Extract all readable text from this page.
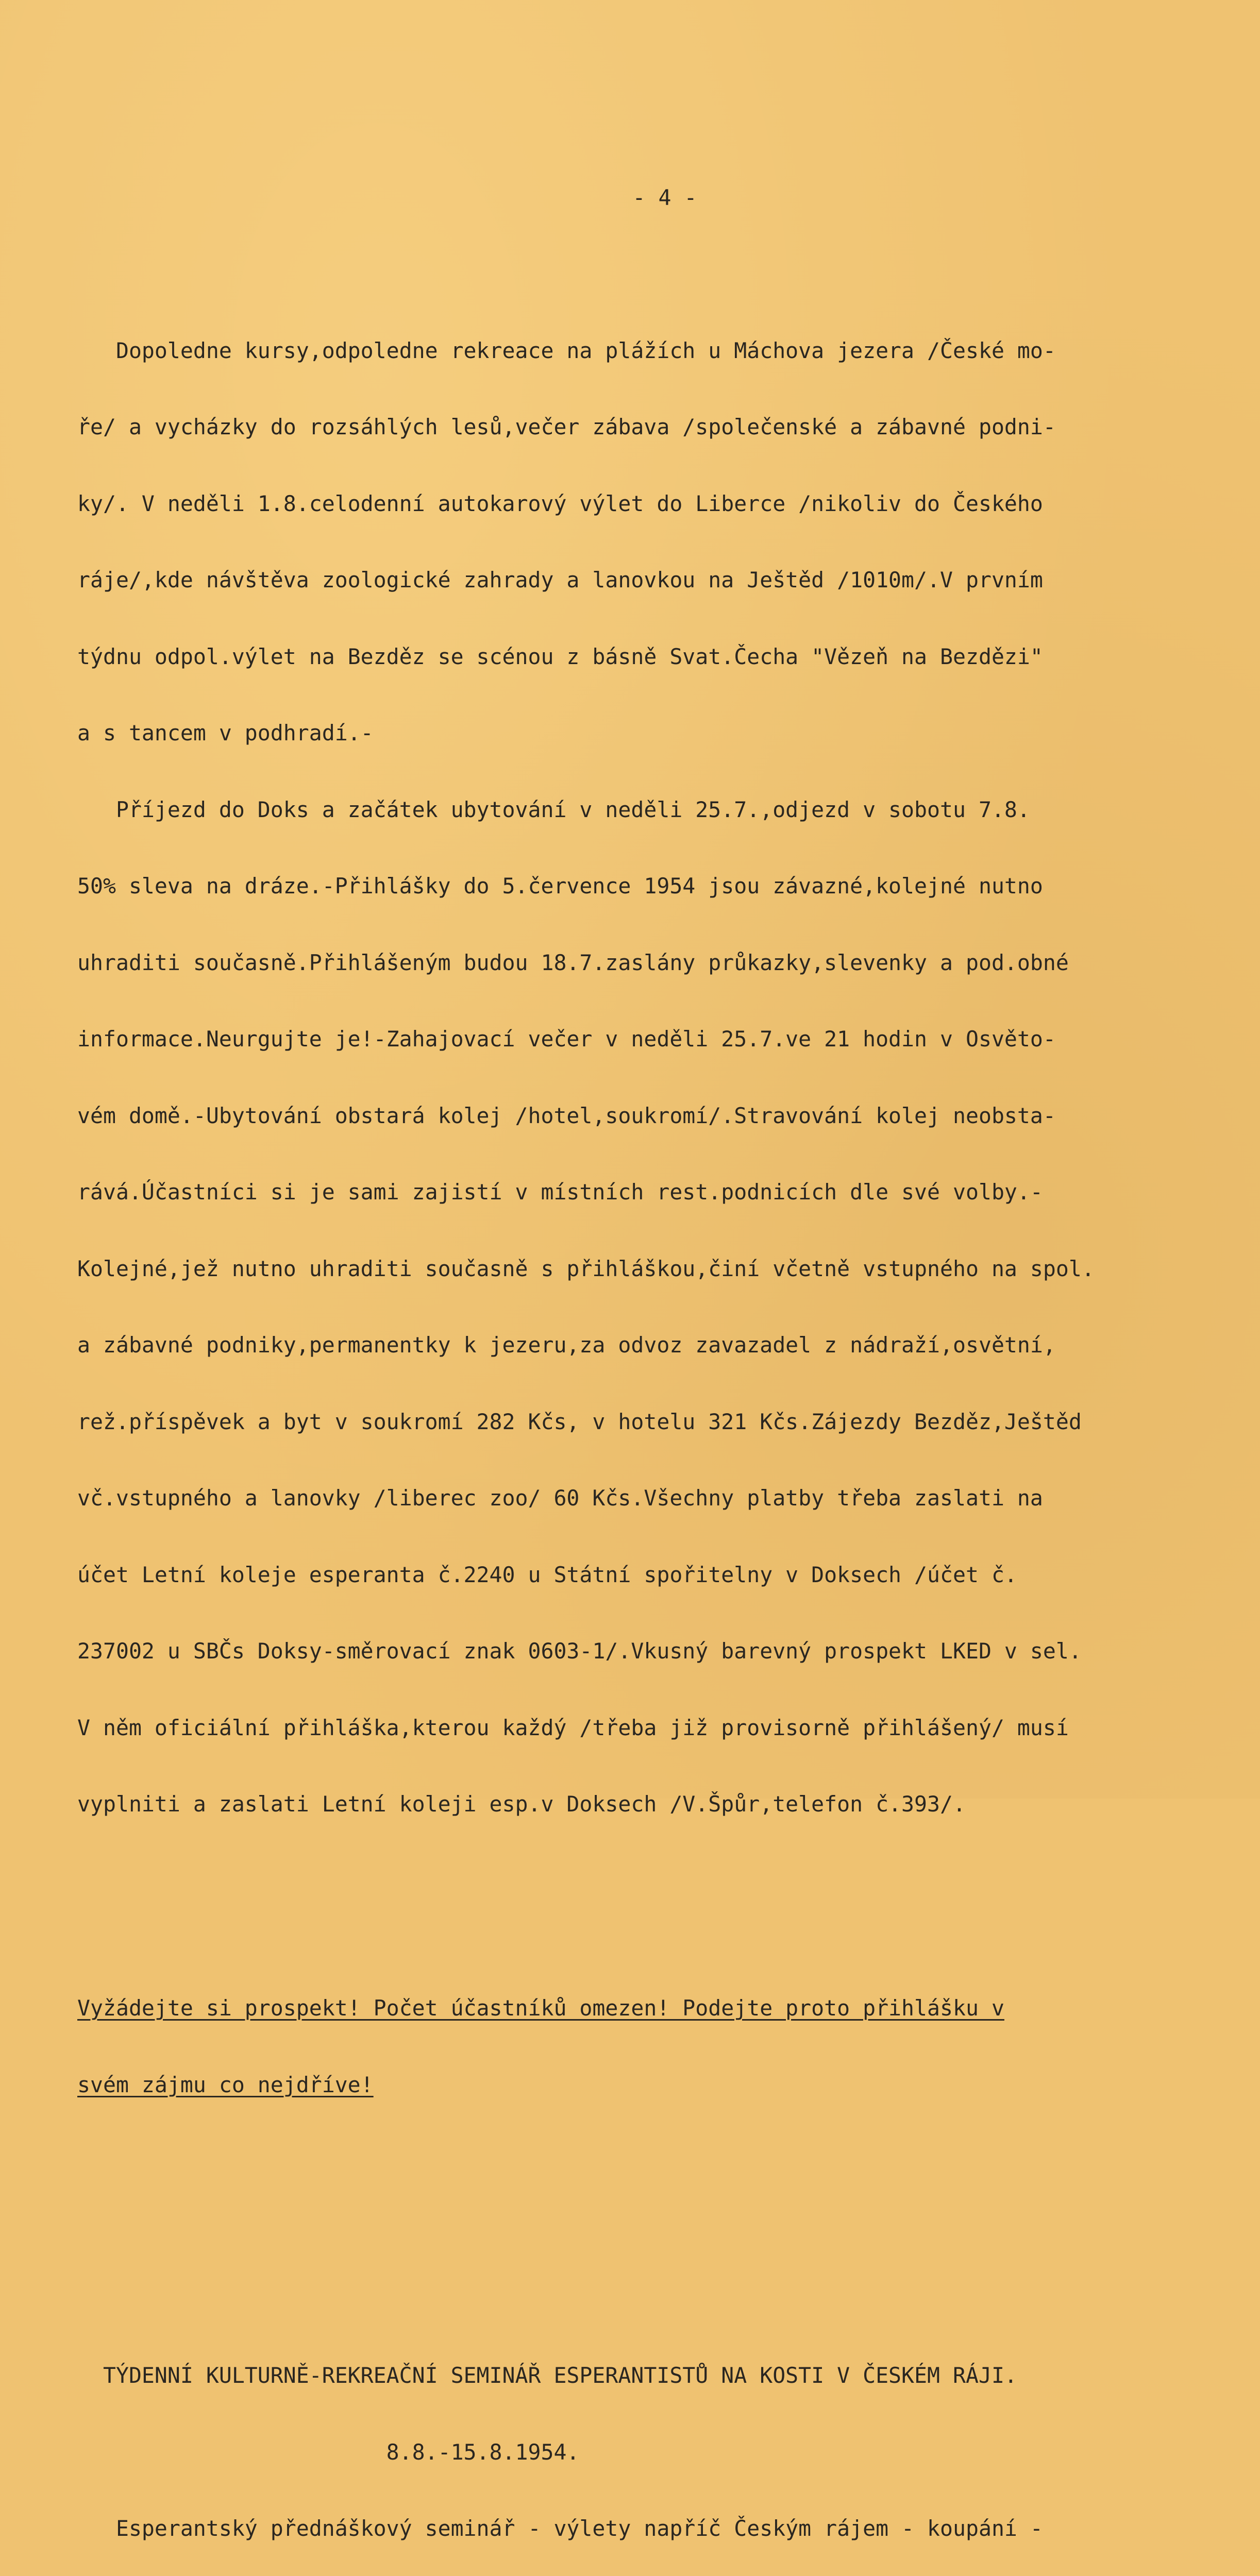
- 4 -

Dopoledne kursy,odpoledne rekreace na plážích u Máchova jezera /České mo-

ře/ a vycházky do rozsáhlých lesů,večer zábava /společenské a zábavné podni-

ky/. V neděli 1.8.celodenní autokarový výlet do Liberce /nikoliv do Českého

ráje/,kde návštěva zoologické zahrady a lanovkou na Ještěd /1010m/.V prvním

týdnu odpol.výlet na Bezděz se scénou z básně Svat.Čecha "Vězeň na Bezdězi"

a s tancem v podhradí.-

Příjezd do Doks a začátek ubytování v neděli 25.7.,odjezd v sobotu 7.8.

50% sleva na dráze.-Přihlášky do 5.července 1954 jsou závazné,kolejné nutno

uhraditi současně.Přihlášeným budou 18.7.zaslány průkazky,slevenky a pod.obné

informace.Neurgujte je!-Zahajovací večer v neděli 25.7.ve 21 hodin v Osvěto-

vém domě.-Ubytování obstará kolej /hotel,soukromí/.Stravování kolej neobsta-

rává.Účastníci si je sami zajistí v místních rest.podnicích dle své volby.-

Kolejné,jež nutno uhraditi současně s přihláškou,činí včetně vstupného na spol.

a zábavné podniky,permanentky k jezeru,za odvoz zavazadel z nádraží,osvětní,

rež.příspěvek a byt v soukromí 282 Kčs, v hotelu 321 Kčs.Zájezdy Bezděz,Ještěd

vč.vstupného a lanovky /liberec zoo/ 60 Kčs.Všechny platby třeba zaslati na

účet Letní koleje esperanta č.2240 u Státní spořitelny v Doksech /účet č.

237002 u SBČs Doksy-směrovací znak 0603-1/.Vkusný barevný prospekt LKED v sel.

V něm oficiální přihláška,kterou každý /třeba již provisorně přihlášený/ musí

vyplniti a zaslati Letní koleji esp.v Doksech /V.Špůr,telefon č.393/.

Vyžádejte si prospekt! Počet účastníků omezen! Podejte proto přihlášku v

svém zájmu co nejdříve!

TÝDENNÍ KULTURNĚ-REKREAČNÍ SEMINÁŘ ESPERANTISTŮ NA KOSTI V ČESKÉM RÁJI.

8.8.-15.8.1954.

Esperantský přednáškový seminář - výlety napříč Českým rájem - koupání -
